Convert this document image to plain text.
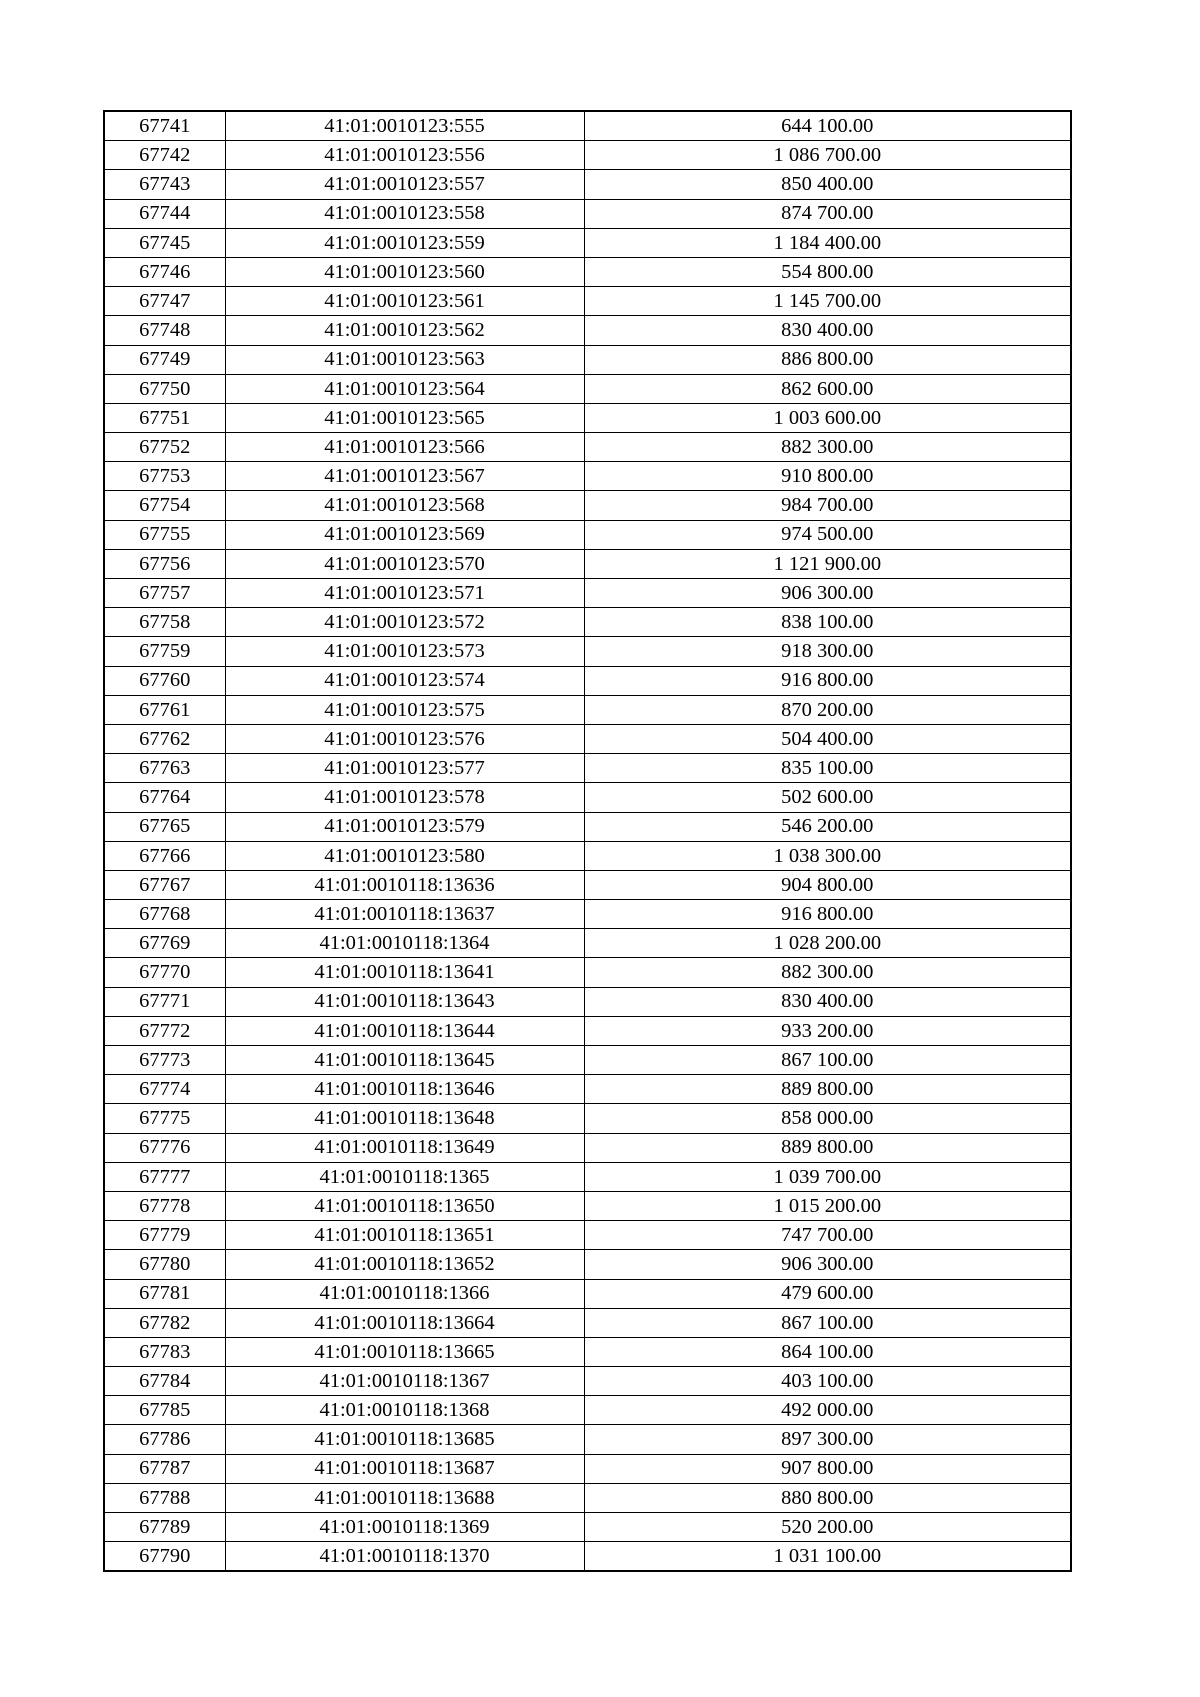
67741	41:01:0010123:555	644 100.00
67742	41:01:0010123:556	1 086 700.00
67743	41:01:0010123:557	850 400.00
67744	41:01:0010123:558	874 700.00
67745	41:01:0010123:559	1 184 400.00
67746	41:01:0010123:560	554 800.00
67747	41:01:0010123:561	1 145 700.00
67748	41:01:0010123:562	830 400.00
67749	41:01:0010123:563	886 800.00
67750	41:01:0010123:564	862 600.00
67751	41:01:0010123:565	1 003 600.00
67752	41:01:0010123:566	882 300.00
67753	41:01:0010123:567	910 800.00
67754	41:01:0010123:568	984 700.00
67755	41:01:0010123:569	974 500.00
67756	41:01:0010123:570	1 121 900.00
67757	41:01:0010123:571	906 300.00
67758	41:01:0010123:572	838 100.00
67759	41:01:0010123:573	918 300.00
67760	41:01:0010123:574	916 800.00
67761	41:01:0010123:575	870 200.00
67762	41:01:0010123:576	504 400.00
67763	41:01:0010123:577	835 100.00
67764	41:01:0010123:578	502 600.00
67765	41:01:0010123:579	546 200.00
67766	41:01:0010123:580	1 038 300.00
67767	41:01:0010118:13636	904 800.00
67768	41:01:0010118:13637	916 800.00
67769	41:01:0010118:1364	1 028 200.00
67770	41:01:0010118:13641	882 300.00
67771	41:01:0010118:13643	830 400.00
67772	41:01:0010118:13644	933 200.00
67773	41:01:0010118:13645	867 100.00
67774	41:01:0010118:13646	889 800.00
67775	41:01:0010118:13648	858 000.00
67776	41:01:0010118:13649	889 800.00
67777	41:01:0010118:1365	1 039 700.00
67778	41:01:0010118:13650	1 015 200.00
67779	41:01:0010118:13651	747 700.00
67780	41:01:0010118:13652	906 300.00
67781	41:01:0010118:1366	479 600.00
67782	41:01:0010118:13664	867 100.00
67783	41:01:0010118:13665	864 100.00
67784	41:01:0010118:1367	403 100.00
67785	41:01:0010118:1368	492 000.00
67786	41:01:0010118:13685	897 300.00
67787	41:01:0010118:13687	907 800.00
67788	41:01:0010118:13688	880 800.00
67789	41:01:0010118:1369	520 200.00
67790	41:01:0010118:1370	1 031 100.00
